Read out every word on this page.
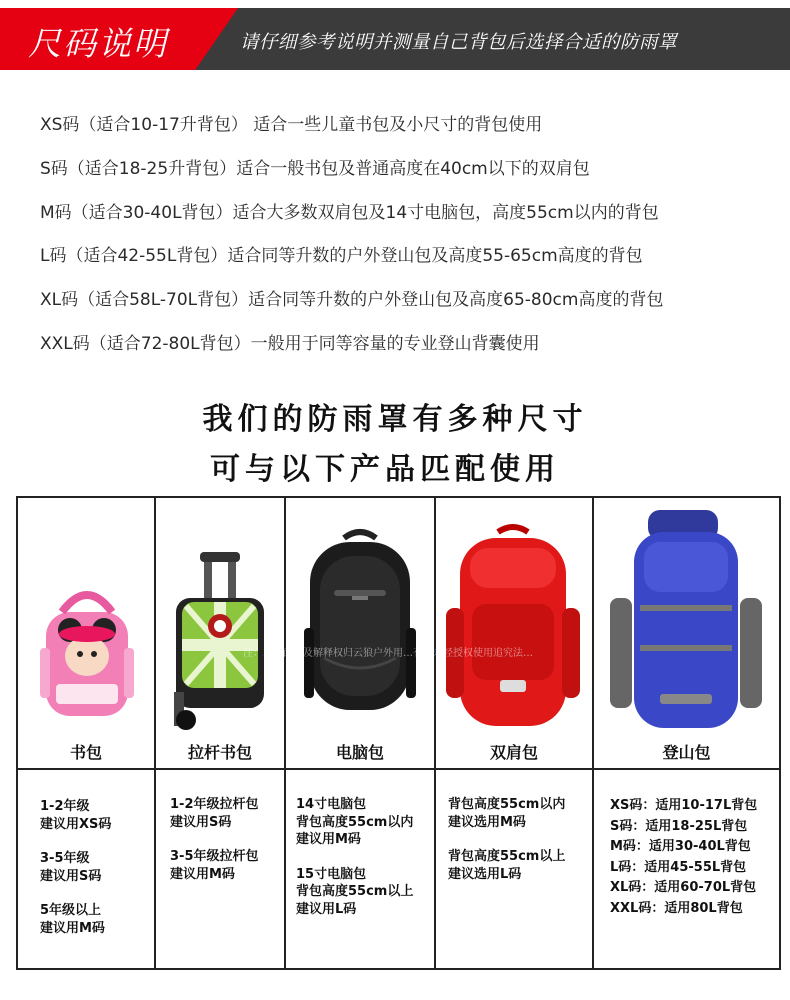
尺码说明	请仔细参考说明并测量自己背包后选择合适的防雨罩
XS码（适合10-17升背包） 适合一些儿童书包及小尺寸的背包使用
S码（适合18-25升背包）适合一般书包及普通高度在40cm以下的双肩包
M码（适合30-40L背包）适合大多数双肩包及14寸电脑包，高度55cm以内的背包
L码（适合42-55L背包）适合同等升数的户外登山包及高度55-65cm高度的背包
XL码（适合58L-70L背包）适合同等升数的户外登山包及高度65-80cm高度的背包
XXL码（适合72-80L背包）一般用于同等容量的专业登山背囊使用
我们的防雨罩有多种尺寸
可与以下产品匹配使用
书包
1-2年级
建议用XS码
3-5年级
建议用S码
5年级以上
建议用M码
拉杆书包
1-2年级拉杆包
建议用S码
3-5年级拉杆包
建议用M码
电脑包
14寸电脑包
背包高度55cm以内
建议用M码
15寸电脑包
背包高度55cm以上
建议用L码
双肩包
背包高度55cm以内
建议选用M码
背包高度55cm以上
建议选用L码
登山包
XS码：适用10-17L背包
S码：适用18-25L背包
M码：适用30-40L背包
L码：适用45-55L背包
XL码：适用60-70L背包
XXL码：适用80L背包
注：本页面…及解释权归云狼户外用…有…未经授权使用追究法…
